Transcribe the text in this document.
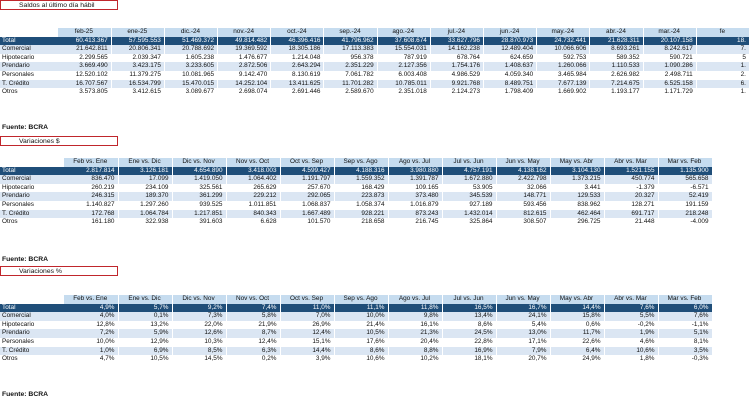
Saldos al último día hábil
	feb-25	ene-25	dic.-24	nov.-24	oct.-24	sep.-24	ago.-24	jul.-24	jun.-24	may.-24	abr.-24	mar.-24	fe
Total	60.413.367	57.595.553	51.469.372	49.814.482	46.396.416	41.796.962	37.608.674	33.627.796	28.870.973	24.732.441	21.628.311	20.107.158	18.
Comercial	21.642.811	20.806.341	20.788.692	19.369.592	18.305.186	17.113.383	15.554.031	14.162.238	12.489.404	10.066.606	8.693.261	8.242.617	7.
Hipotecario	2.299.565	2.039.347	1.605.238	1.476.677	1.214.048	956.378	787.919	678.764	624.659	592.753	589.352	590.721	5
Prendario	3.669.490	3.423.175	3.233.605	2.872.506	2.643.294	2.351.229	2.127.356	1.754.176	1.408.637	1.260.066	1.110.533	1.090.286	1.
Personales	12.520.102	11.379.275	10.081.965	9.142.470	8.130.619	7.061.782	6.003.408	4.986.529	4.059.340	3.465.984	2.626.982	2.498.711	2.
T. Crédito	16.707.567	16.534.799	15.470.015	14.252.104	13.411.625	11.701.282	10.785.011	9.921.768	8.489.751	7.677.139	7.214.675	6.525.158	6.
Otros	3.573.805	3.412.615	3.089.677	2.698.074	2.691.446	2.589.670	2.351.018	2.124.273	1.798.409	1.669.902	1.193.177	1.171.729	1.
Fuente: BCRA
Variaciones $
	Feb vs. Ene	Ene vs. Dic	Dic vs. Nov	Nov vs. Oct	Oct vs. Sep	Sep vs. Ago	Ago vs. Jul	Jul vs. Jun	Jun vs. May	May vs. Abr	Abr vs. Mar	Mar vs. Feb
Total	2.817.814	3.126.181	4.654.890	3.418.003	4.599.427	4.188.316	3.980.880	4.757.191	4.138.162	3.104.130	1.521.155	1.135.900
Comercial	836.470	17.099	1.419.050	1.064.402	1.191.797	1.559.352	1.391.787	1.672.880	2.422.798	1.373.215	450.774	565.658
Hipotecario	260.219	234.109	325.561	265.629	257.670	168.429	109.165	53.905	32.066	3.441	-1.379	-6.571
Prendario	246.315	189.370	361.299	229.212	292.065	223.873	373.480	345.539	148.771	129.533	20.327	52.419
Personales	1.140.827	1.297.260	939.525	1.011.851	1.068.837	1.058.374	1.016.879	927.189	593.456	838.962	128.271	191.159
T. Crédito	172.768	1.064.784	1.217.851	840.343	1.667.489	928.221	873.243	1.432.014	812.615	462.464	691.717	218.248
Otros	161.180	322.938	391.603	6.628	101.570	218.658	216.745	325.864	308.507	296.725	21.448	-4.009
Fuente: BCRA
Variaciones %
	Feb vs. Ene	Ene vs. Dic	Dic vs. Nov	Nov vs. Oct	Oct vs. Sep	Sep vs. Ago	Ago vs. Jul	Jul vs. Jun	Jun vs. May	May vs. Abr	Abr vs. Mar	Mar vs. Feb
Total	4,9%	5,7%	9,2%	7,4%	11,0%	11,1%	11,8%	16,5%	16,7%	14,4%	7,6%	6,0%
Comercial	4,0%	0,1%	7,3%	5,8%	7,0%	10,0%	9,8%	13,4%	24,1%	15,8%	5,5%	7,6%
Hipotecario	12,8%	13,2%	22,0%	21,9%	26,9%	21,4%	16,1%	8,6%	5,4%	0,6%	-0,2%	-1,1%
Prendario	7,2%	5,9%	12,6%	8,7%	12,4%	10,5%	21,3%	24,5%	13,0%	11,7%	1,9%	5,1%
Personales	10,0%	12,9%	10,3%	12,4%	15,1%	17,6%	20,4%	22,8%	17,1%	22,6%	4,6%	8,1%
T. Crédito	1,0%	6,9%	8,5%	6,3%	14,4%	8,6%	8,8%	16,9%	7,9%	6,4%	10,6%	3,5%
Otros	4,7%	10,5%	14,5%	0,2%	3,9%	10,6%	10,2%	18,1%	20,7%	24,9%	1,8%	-0,3%
Fuente: BCRA
